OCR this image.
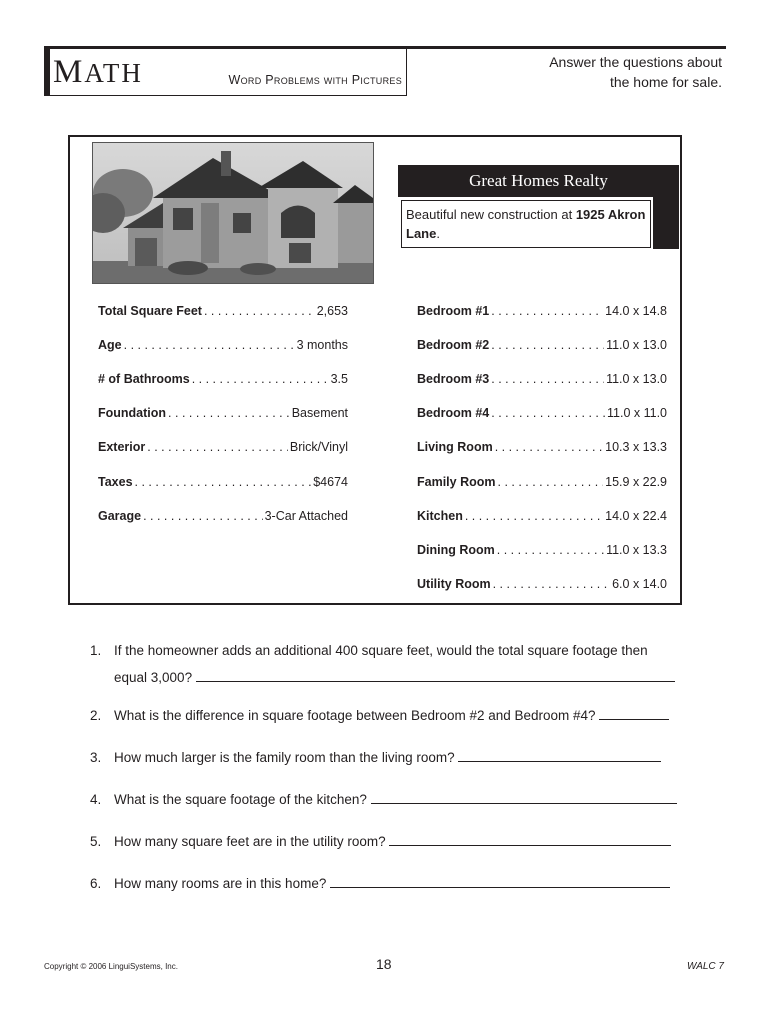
MATH	Word Problems with Pictures
Answer the questions about
the home for sale.
Great Homes Realty
Beautiful new construction at 1925 Akron Lane.
Total Square Feet . . .	2,653
Age . . .	3 months
# of Bathrooms . . .	3.5
Foundation . . .	Basement
Exterior . . .	Brick/Vinyl
Taxes . . .	$4674
Garage . . .	3-Car Attached
Bedroom #1 . . .	14.0 x 14.8
Bedroom #2 . . .	11.0 x 13.0
Bedroom #3 . . .	11.0 x 13.0
Bedroom #4 . . .	11.0 x 11.0
Living Room . . .	10.3 x 13.3
Family Room . . .	15.9 x 22.9
Kitchen . . .	14.0 x 22.4
Dining Room . . .	11.0 x 13.3
Utility Room . . .	6.0 x 14.0
1. If the homeowner adds an additional 400 square feet, would the total square footage then
equal 3,000?
2. What is the difference in square footage between Bedroom #2 and Bedroom #4?
3. How much larger is the family room than the living room?
4. What is the square footage of the kitchen?
5. How many square feet are in the utility room?
6. How many rooms are in this home?
Copyright © 2006 LinguiSystems, Inc.	18	WALC 7
